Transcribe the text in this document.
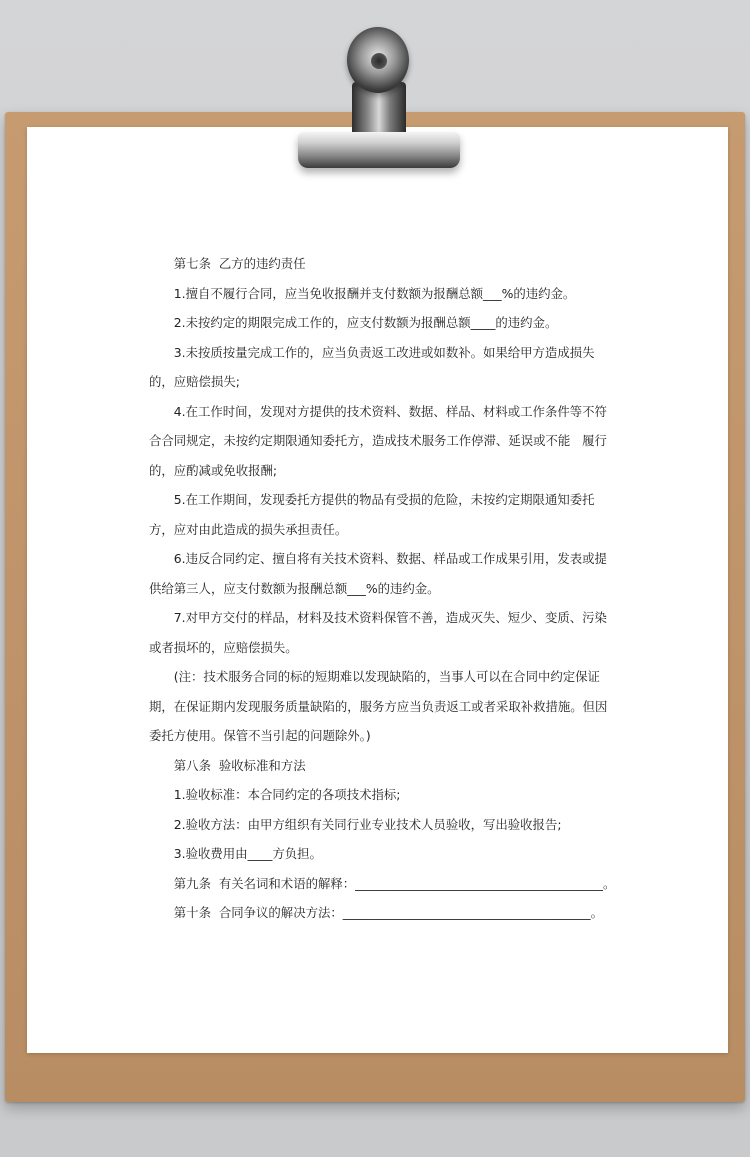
第七条  乙方的违约责任

1.擅自不履行合同，应当免收报酬并支付数额为报酬总额___%的违约金。

2.未按约定的期限完成工作的，应支付数额为报酬总额____的违约金。

3.未按质按量完成工作的，应当负责返工改进或如数补。如果给甲方造成损失的，应赔偿损失;

4.在工作时间，发现对方提供的技术资料、数据、样品、材料或工作条件等不符合合同规定，未按约定期限通知委托方，造成技术服务工作停滞、延误或不能   履行的，应酌减或免收报酬;

5.在工作期间，发现委托方提供的物品有受损的危险，未按约定期限通知委托方，应对由此造成的损失承担责任。

6.违反合同约定、擅自将有关技术资料、数据、样品或工作成果引用，发表或提供给第三人，应支付数额为报酬总额___%的违约金。

7.对甲方交付的样品，材料及技术资料保管不善，造成灭失、短少、变质、污染或者损坏的，应赔偿损失。

(注：技术服务合同的标的短期难以发现缺陷的，当事人可以在合同中约定保证期，在保证期内发现服务质量缺陷的，服务方应当负责返工或者采取补救措施。但因委托方使用。保管不当引起的问题除外。)

第八条  验收标准和方法

1.验收标准：本合同约定的各项技术指标;

2.验收方法：由甲方组织有关同行业专业技术人员验收，写出验收报告;

3.验收费用由____方负担。

第九条  有关名词和术语的解释：________________________________________。

第十条  合同争议的解决方法：________________________________________。
